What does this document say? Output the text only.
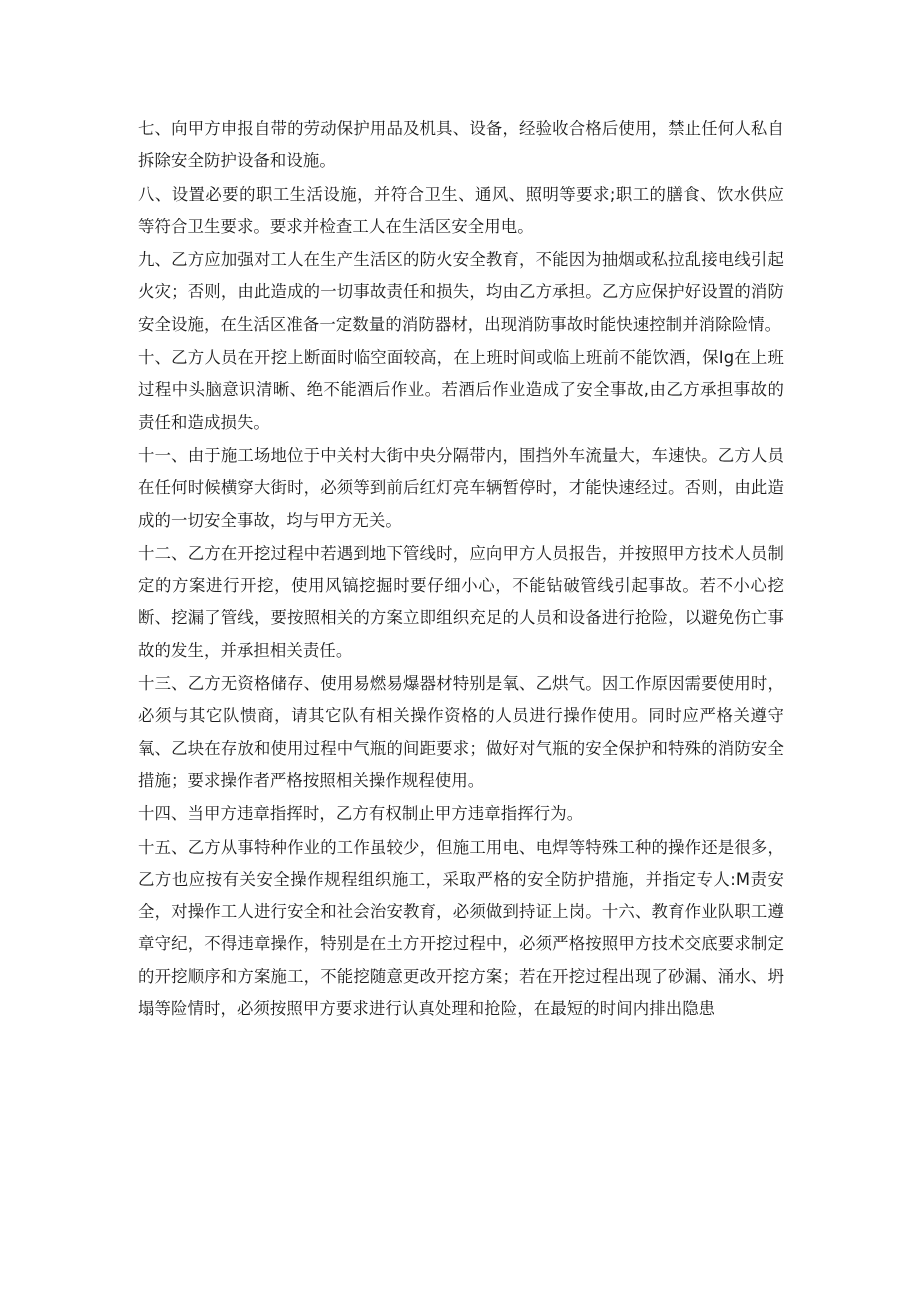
七、向甲方申报自带的劳动保护用品及机具、设备，经验收合格后使用，禁止任何人私自拆除安全防护设备和设施。

八、设置必要的职工生活设施，并符合卫生、通风、照明等要求;职工的膳食、饮水供应等符合卫生要求。要求并检查工人在生活区安全用电。

九、乙方应加强对工人在生产生活区的防火安全教育，不能因为抽烟或私拉乱接电线引起火灾；否则，由此造成的一切事故责任和损失，均由乙方承担。乙方应保护好设置的消防安全设施，在生活区准备一定数量的消防器材，出现消防事故时能快速控制并消除险情。

十、乙方人员在开挖上断面时临空面较高，在上班时间或临上班前不能饮酒，保Ig在上班过程中头脑意识清晰、绝不能酒后作业。若酒后作业造成了安全事故,由乙方承担事故的责任和造成损失。

十一、由于施工场地位于中关村大街中央分隔带内，围挡外车流量大，车速快。乙方人员在任何时候横穿大街时，必须等到前后红灯亮车辆暂停时，才能快速经过。否则，由此造成的一切安全事故，均与甲方无关。

十二、乙方在开挖过程中若遇到地下管线时，应向甲方人员报告，并按照甲方技术人员制定的方案进行开挖，使用风镐挖掘时要仔细小心，不能钻破管线引起事故。若不小心挖断、挖漏了管线，要按照相关的方案立即组织充足的人员和设备进行抢险，以避免伤亡事故的发生，并承担相关责任。

十三、乙方无资格储存、使用易燃易爆器材特别是氧、乙烘气。因工作原因需要使用时，必须与其它队愦商，请其它队有相关操作资格的人员进行操作使用。同时应严格关遵守氧、乙块在存放和使用过程中气瓶的间距要求；做好对气瓶的安全保护和特殊的消防安全措施；要求操作者严格按照相关操作规程使用。

十四、当甲方违章指挥时，乙方有权制止甲方违章指挥行为。

十五、乙方从事特种作业的工作虽较少，但施工用电、电焊等特殊工种的操作还是很多，乙方也应按有关安全操作规程组织施工，采取严格的安全防护措施，并指定专人:M责安全，对操作工人进行安全和社会治安教育，必须做到持证上岗。十六、教育作业队职工遵章守纪，不得违章操作，特别是在土方开挖过程中，必须严格按照甲方技术交底要求制定的开挖顺序和方案施工，不能挖随意更改开挖方案；若在开挖过程出现了砂漏、涌水、坍塌等险情时，必须按照甲方要求进行认真处理和抢险，在最短的时间内排出隐患
